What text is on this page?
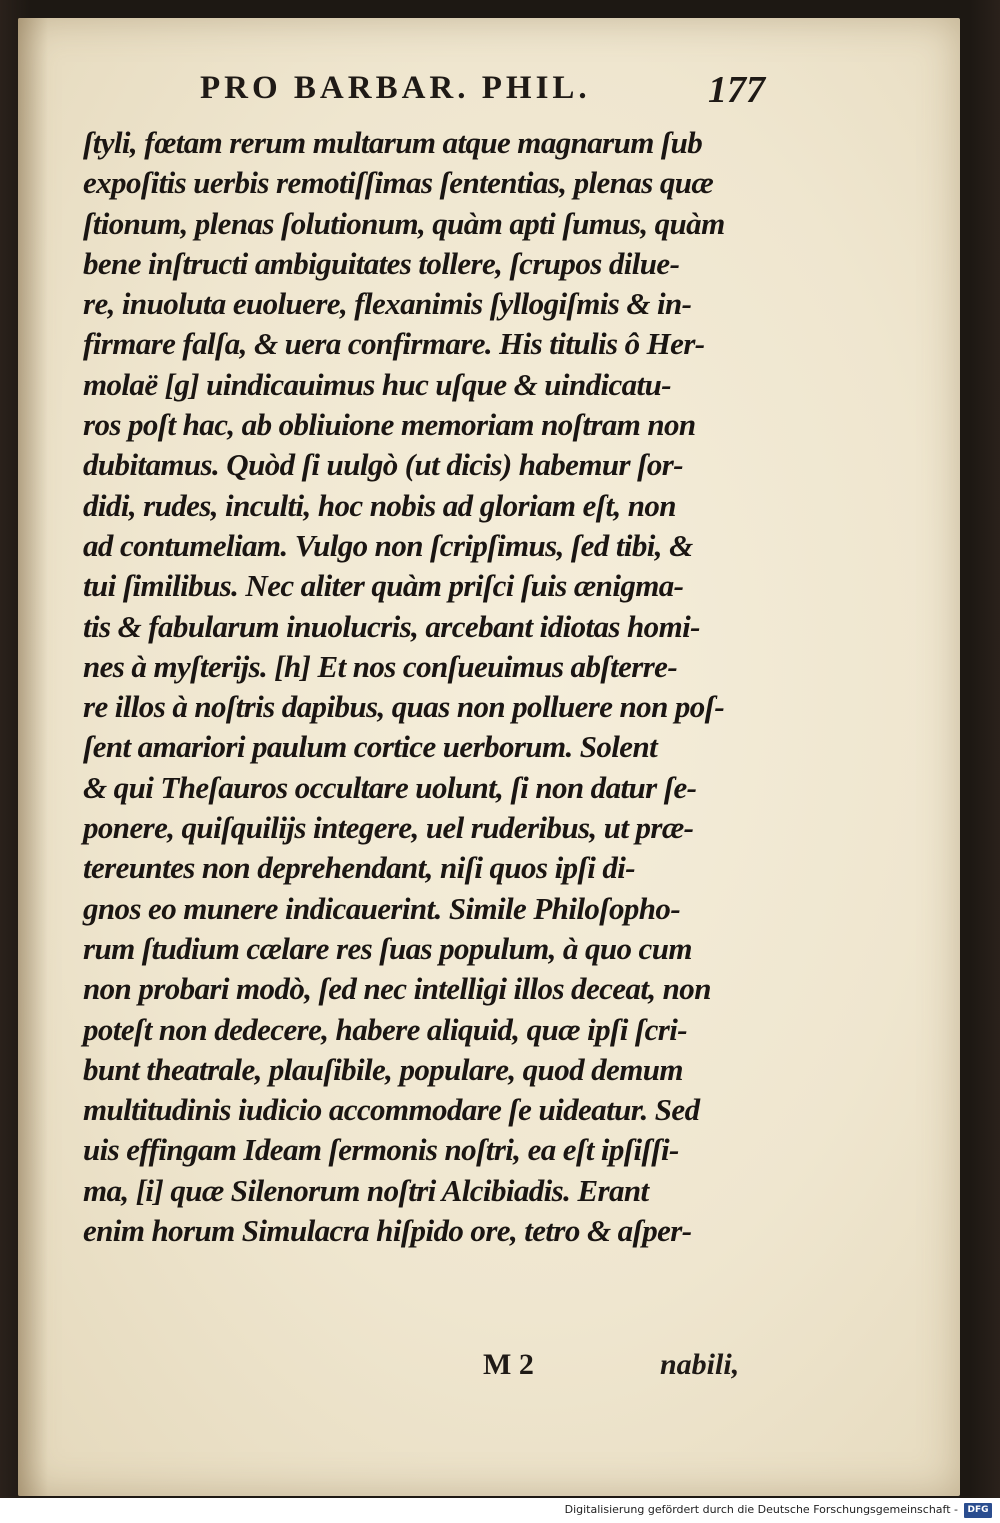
PRO BARBAR. PHIL.	177
ſtyli, fœtam rerum multarum atque magnarum ſub
expoſitis uerbis remotiſſimas ſententias, plenas quæ
ſtionum, plenas ſolutionum, quàm apti ſumus, quàm
bene inſtructi ambiguitates tollere, ſcrupos dilue-
re, inuoluta euoluere, flexanimis ſyllogiſmis & in-
firmare falſa, & uera confirmare. His titulis ô Her-
molaë [g] uindicauimus huc uſque & uindicatu-
ros poſt hac, ab obliuione memoriam noſtram non
dubitamus. Quòd ſi uulgò (ut dicis) habemur ſor-
didi, rudes, inculti, hoc nobis ad gloriam eſt, non
ad contumeliam. Vulgo non ſcripſimus, ſed tibi, &
tui ſimilibus. Nec aliter quàm priſci ſuis ænigma-
tis & fabularum inuolucris, arcebant idiotas homi-
nes à myſterijs. [h] Et nos conſueuimus abſterre-
re illos à noſtris dapibus, quas non polluere non poſ-
ſent amariori paulum cortice uerborum. Solent
& qui Theſauros occultare uolunt, ſi non datur ſe-
ponere, quiſquilijs integere, uel ruderibus, ut præ-
tereuntes non deprehendant, niſi quos ipſi di-
gnos eo munere indicauerint. Simile Philoſopho-
rum ſtudium cælare res ſuas populum, à quo cum
non probari modò, ſed nec intelligi illos deceat, non
poteſt non dedecere, habere aliquid, quæ ipſi ſcri-
bunt theatrale, plauſibile, populare, quod demum
multitudinis iudicio accommodare ſe uideatur. Sed
uis effingam Ideam ſermonis noſtri, ea eſt ipſiſſi-
ma, [i] quæ Silenorum noſtri Alcibiadis. Erant
enim horum Simulacra hiſpido ore, tetro & aſper-
M 2	nabili,
Digitalisierung gefördert durch die Deutsche Forschungsgemeinschaft -	DFG
